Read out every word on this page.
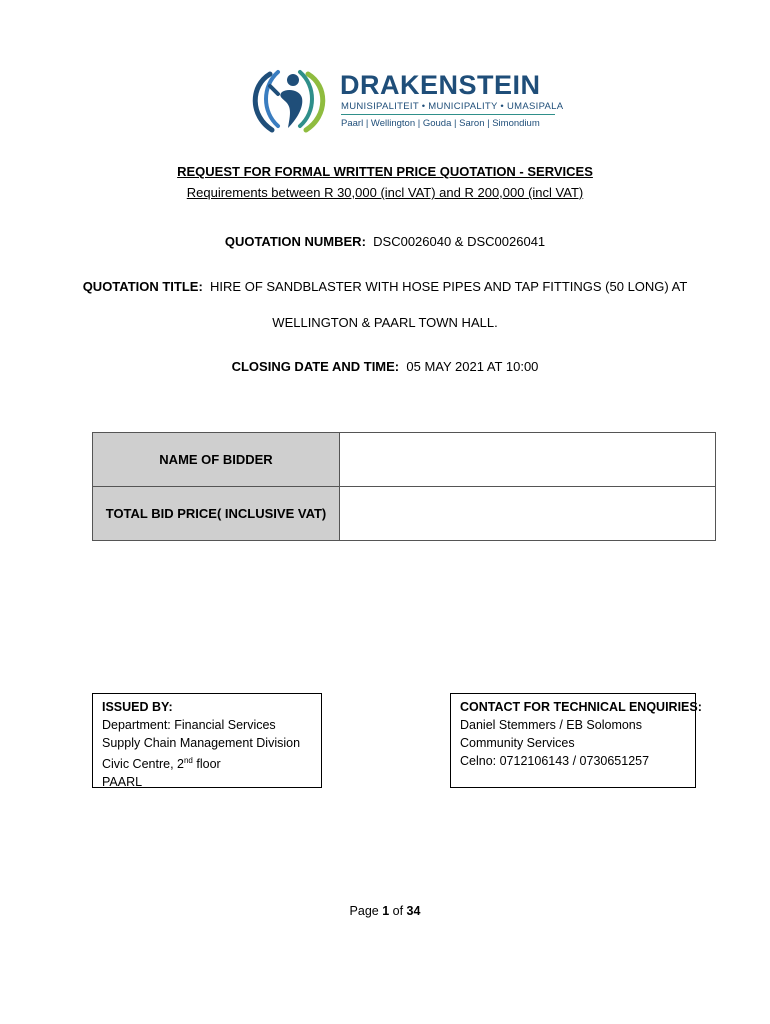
DRAKENSTEIN
MUNISIPALITEIT • MUNICIPALITY • UMASIPALA
Paarl | Wellington | Gouda | Saron | Simondium
REQUEST FOR FORMAL WRITTEN PRICE QUOTATION - SERVICES
Requirements between R 30,000 (incl VAT) and R 200,000 (incl VAT)
QUOTATION NUMBER: DSC0026040 & DSC0026041
QUOTATION TITLE: HIRE OF SANDBLASTER WITH HOSE PIPES AND TAP FITTINGS (50 LONG) AT
WELLINGTON & PAARL TOWN HALL.
CLOSING DATE AND TIME: 05 MAY 2021 AT 10:00
NAME OF BIDDER	
TOTAL BID PRICE( INCLUSIVE VAT)	
ISSUED BY:
Department: Financial Services
Supply Chain Management Division
Civic Centre, 2nd floor
PAARL
CONTACT FOR TECHNICAL ENQUIRIES:
Daniel Stemmers / EB Solomons
Community Services
Celno: 0712106143 / 0730651257
Page 1 of 34
